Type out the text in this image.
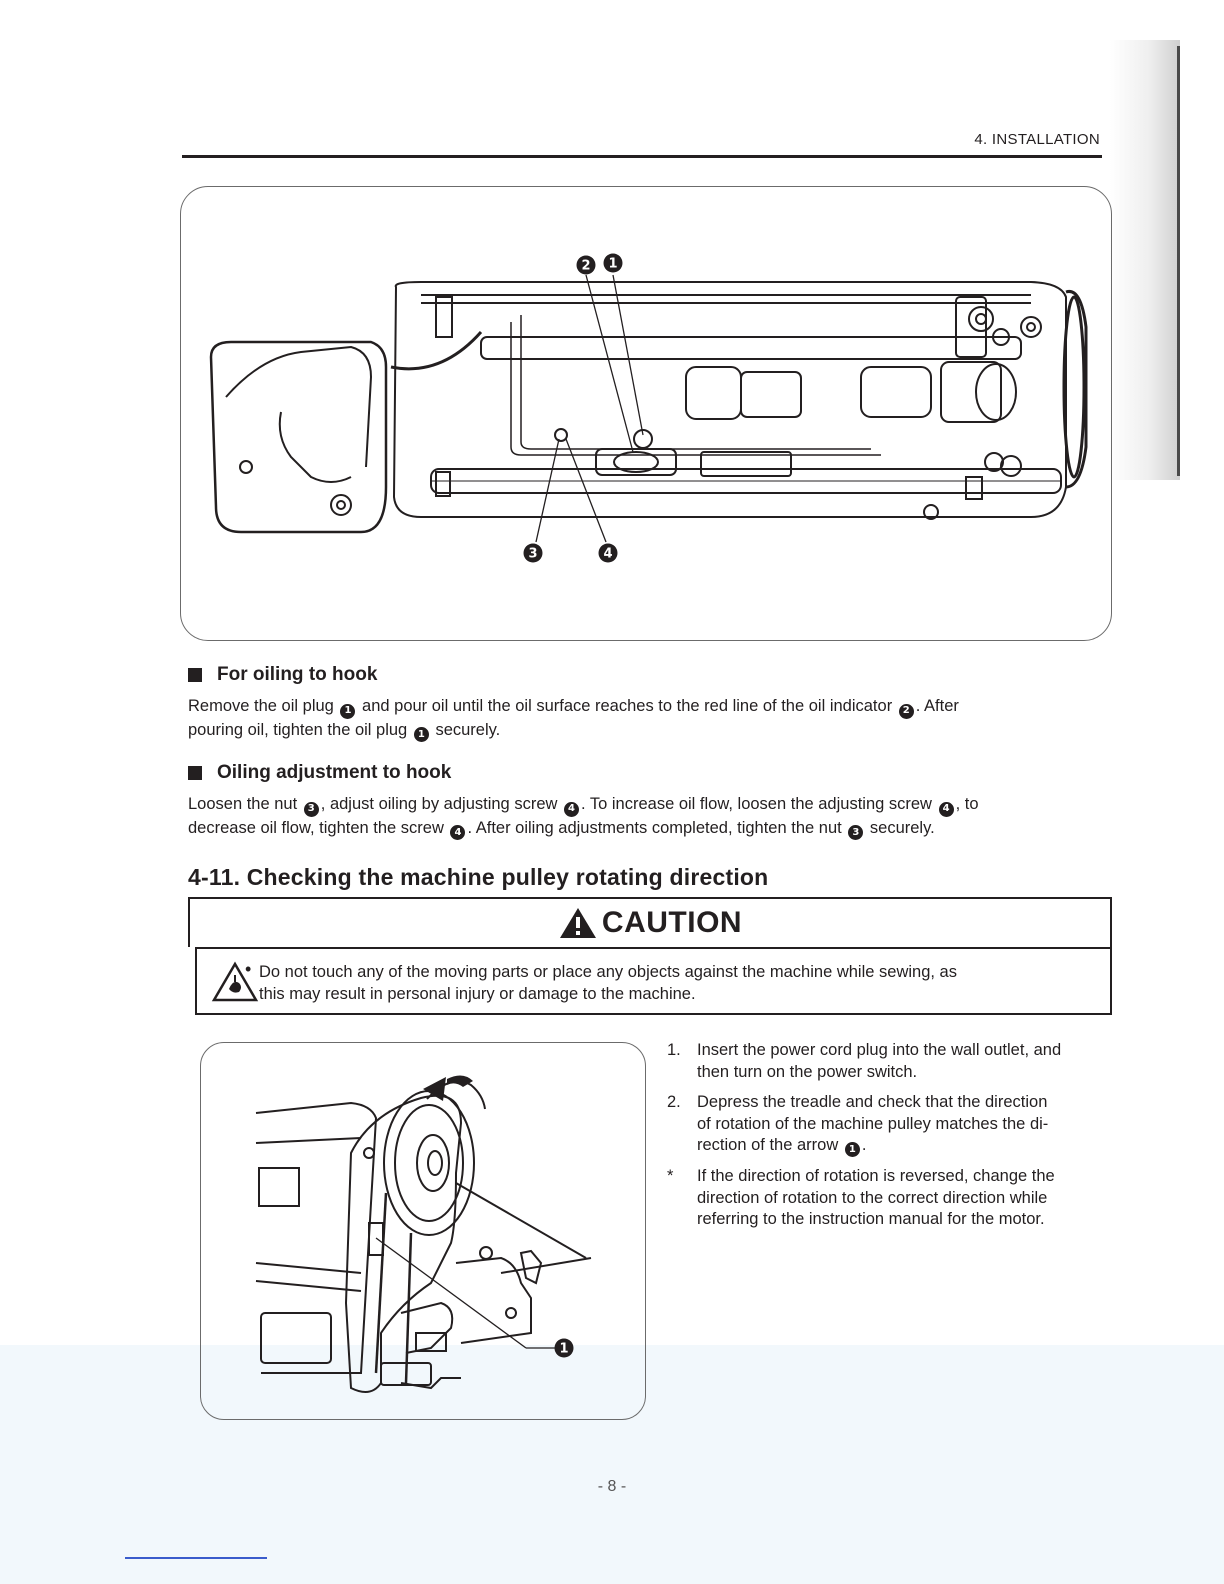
4. INSTALLATION
2 1
3	4
For oiling to hook
Remove the oil plug 1 and pour oil until the oil surface reaches to the red line of the oil indicator 2 . After
pouring oil, tighten the oil plug 1 securely.
Oiling adjustment to hook
Loosen the nut 3 , adjust oiling by adjusting screw 4 . To increase oil flow, loosen the adjusting screw 4 , to
decrease oil flow, tighten the screw 4 . After oiling adjustments completed, tighten the nut 3 securely.
4-11. Checking the machine pulley rotating direction
CAUTION
• Do not touch any of the moving parts or place any objects against the machine while sewing, as
this may result in personal injury or damage to the machine.
1
1. Insert the power cord plug into the wall outlet, and
then turn on the power switch.
2. Depress the treadle and check that the direction
of rotation of the machine pulley matches the di-
rection of the arrow 1 .
*	If the direction of rotation is reversed, change the
direction of rotation to the correct direction while
referring to the instruction manual for the motor.
- 8 -
